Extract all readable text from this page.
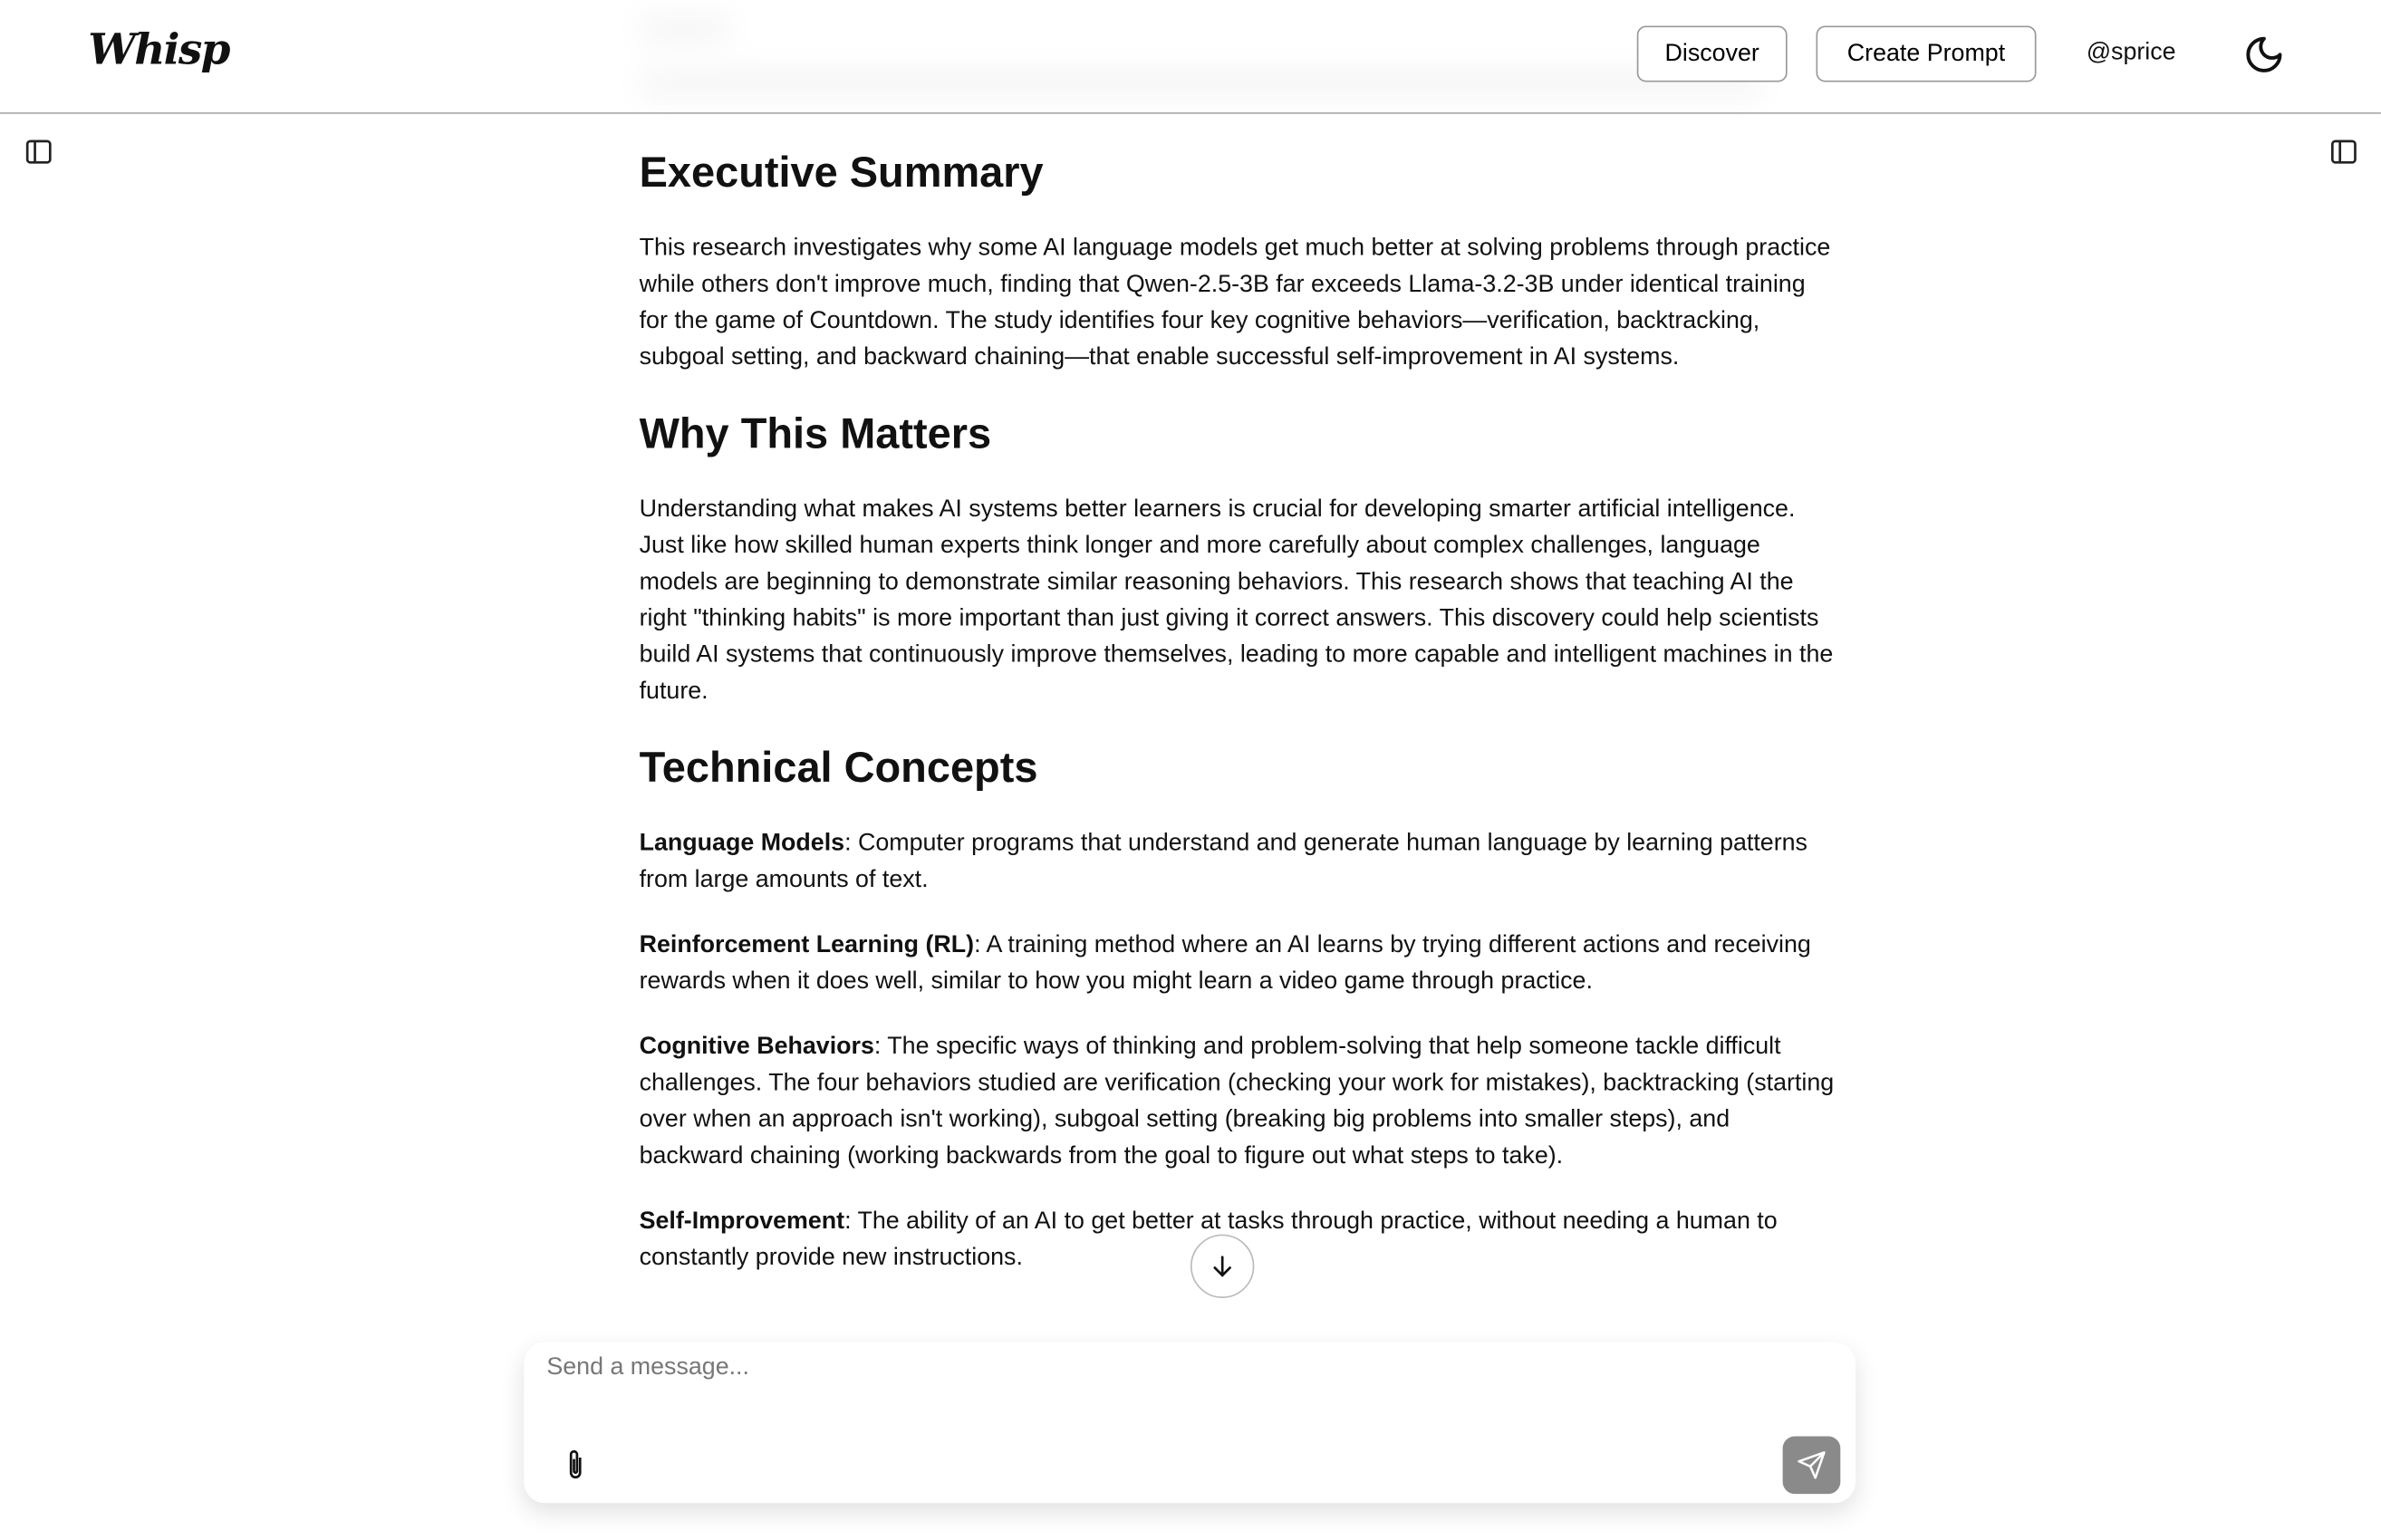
Executive Summary

This research investigates why some AI language models get much better at solving problems through practice while others don't improve much, finding that Qwen-2.5-3B far exceeds Llama-3.2-3B under identical training for the game of Countdown. The study identifies four key cognitive behaviors—verification, backtracking, subgoal setting, and backward chaining—that enable successful self-improvement in AI systems.

Why This Matters

Understanding what makes AI systems better learners is crucial for developing smarter artificial intelligence. Just like how skilled human experts think longer and more carefully about complex challenges, language models are beginning to demonstrate similar reasoning behaviors. This research shows that teaching AI the right "thinking habits" is more important than just giving it correct answers. This discovery could help scientists build AI systems that continuously improve themselves, leading to more capable and intelligent machines in the future.

Technical Concepts

Language Models: Computer programs that understand and generate human language by learning patterns from large amounts of text.

Reinforcement Learning (RL): A training method where an AI learns by trying different actions and receiving rewards when it does well, similar to how you might learn a video game through practice.

Cognitive Behaviors: The specific ways of thinking and problem-solving that help someone tackle difficult challenges. The four behaviors studied are verification (checking your work for mistakes), backtracking (starting over when an approach isn't working), subgoal setting (breaking big problems into smaller steps), and backward chaining (working backwards from the goal to figure out what steps to take).

Self-Improvement: The ability of an AI to get better at tasks through practice, without needing a human to constantly provide new instructions.

Whisp	Discover	Create Prompt	@sprice
Send a message...
